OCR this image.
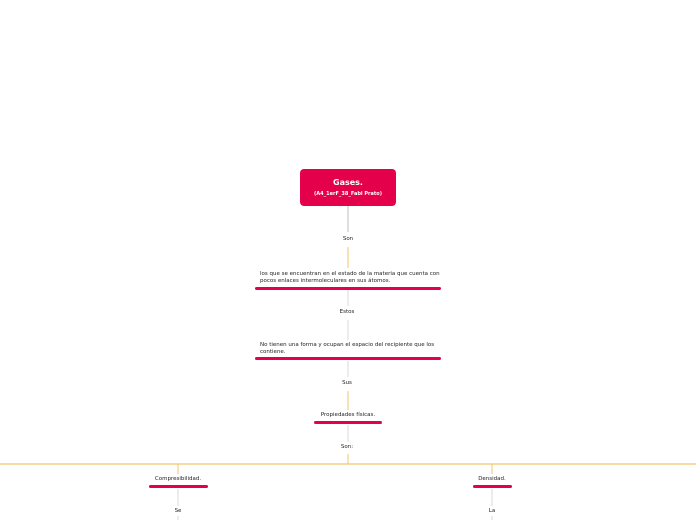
Gases.
(A4_1erF_38_Fabi Prato)
Son
los que se encuentran en el estado de la materia que cuenta con pocos enlaces intermoleculares en sus átomos.
Estos
No tienen una forma y ocupan el espacio del recipiente que los contiene.
Sus
Propiedades físicas.
Son:
Compresibilidad.	Densidad.
Se	La
